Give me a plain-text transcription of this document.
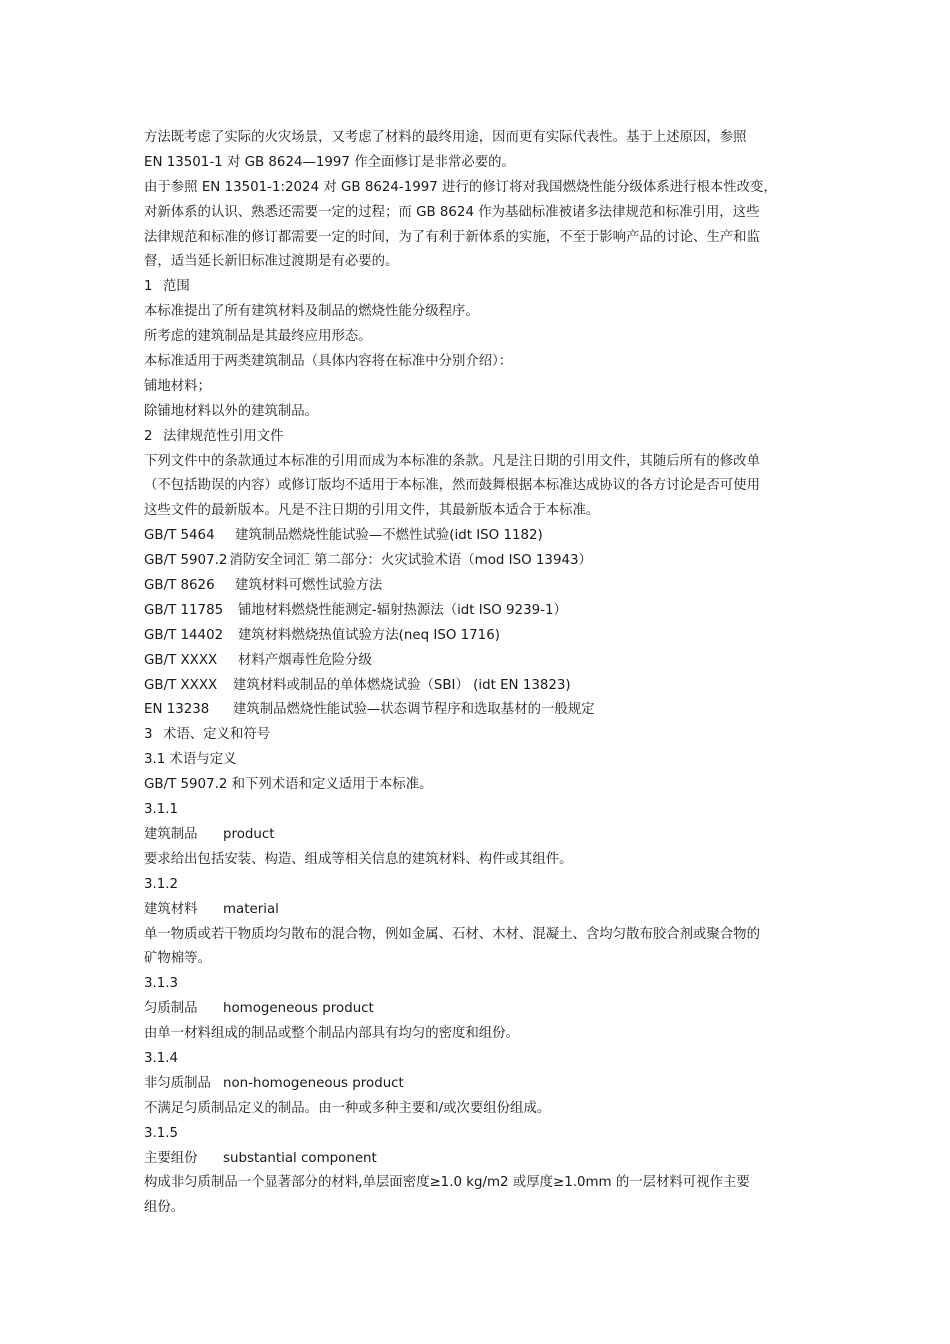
方法既考虑了实际的火灾场景，又考虑了材料的最终用途，因而更有实际代表性。基于上述原因，参照
EN 13501-1 对 GB 8624—1997 作全面修订是非常必要的。
由于参照 EN 13501-1:2024 对 GB 8624-1997 进行的修订将对我国燃烧性能分级体系进行根本性改变，
对新体系的认识、熟悉还需要一定的过程；而 GB 8624 作为基础标准被诸多法律规范和标准引用，这些
法律规范和标准的修订都需要一定的时间，为了有利于新体系的实施，不至于影响产品的讨论、生产和监
督，适当延长新旧标准过渡期是有必要的。
1 范围
本标准提出了所有建筑材料及制品的燃烧性能分级程序。
所考虑的建筑制品是其最终应用形态。
本标准适用于两类建筑制品（具体内容将在标准中分别介绍）：
铺地材料；
除铺地材料以外的建筑制品。
2 法律规范性引用文件
下列文件中的条款通过本标准的引用而成为本标准的条款。凡是注日期的引用文件，其随后所有的修改单
（不包括勘误的内容）或修订版均不适用于本标准，然而鼓舞根据本标准达成协议的各方讨论是否可使用
这些文件的最新版本。凡是不注日期的引用文件，其最新版本适合于本标准。
GB/T 5464	建筑制品燃烧性能试验—不燃性试验(idt ISO 1182)
GB/T 5907.2 消防安全词汇 第二部分：火灾试验术语（mod ISO 13943）
GB/T 8626	建筑材料可燃性试验方法
GB/T 11785	铺地材料燃烧性能测定-辐射热源法（idt ISO 9239-1）
GB/T 14402	建筑材料燃烧热值试验方法(neq ISO 1716)
GB/T XXXX	材料产烟毒性危险分级
GB/T XXXX	建筑材料或制品的单体燃烧试验（SBI） (idt EN 13823)
EN 13238	建筑制品燃烧性能试验—状态调节程序和选取基材的一般规定
3 术语、定义和符号
3.1 术语与定义
GB/T 5907.2 和下列术语和定义适用于本标准。
3.1.1
建筑制品	product
要求给出包括安装、构造、组成等相关信息的建筑材料、构件或其组件。
3.1.2
建筑材料	material
单一物质或若干物质均匀散布的混合物，例如金属、石材、木材、混凝土、含均匀散布胶合剂或聚合物的
矿物棉等。
3.1.3
匀质制品	homogeneous product
由单一材料组成的制品或整个制品内部具有均匀的密度和组份。
3.1.4
非匀质制品 non-homogeneous product
不满足匀质制品定义的制品。由一种或多种主要和/或次要组份组成。
3.1.5
主要组份	substantial component
构成非匀质制品一个显著部分的材料,单层面密度≥1.0 kg/m2 或厚度≥1.0mm 的一层材料可视作主要
组份。
